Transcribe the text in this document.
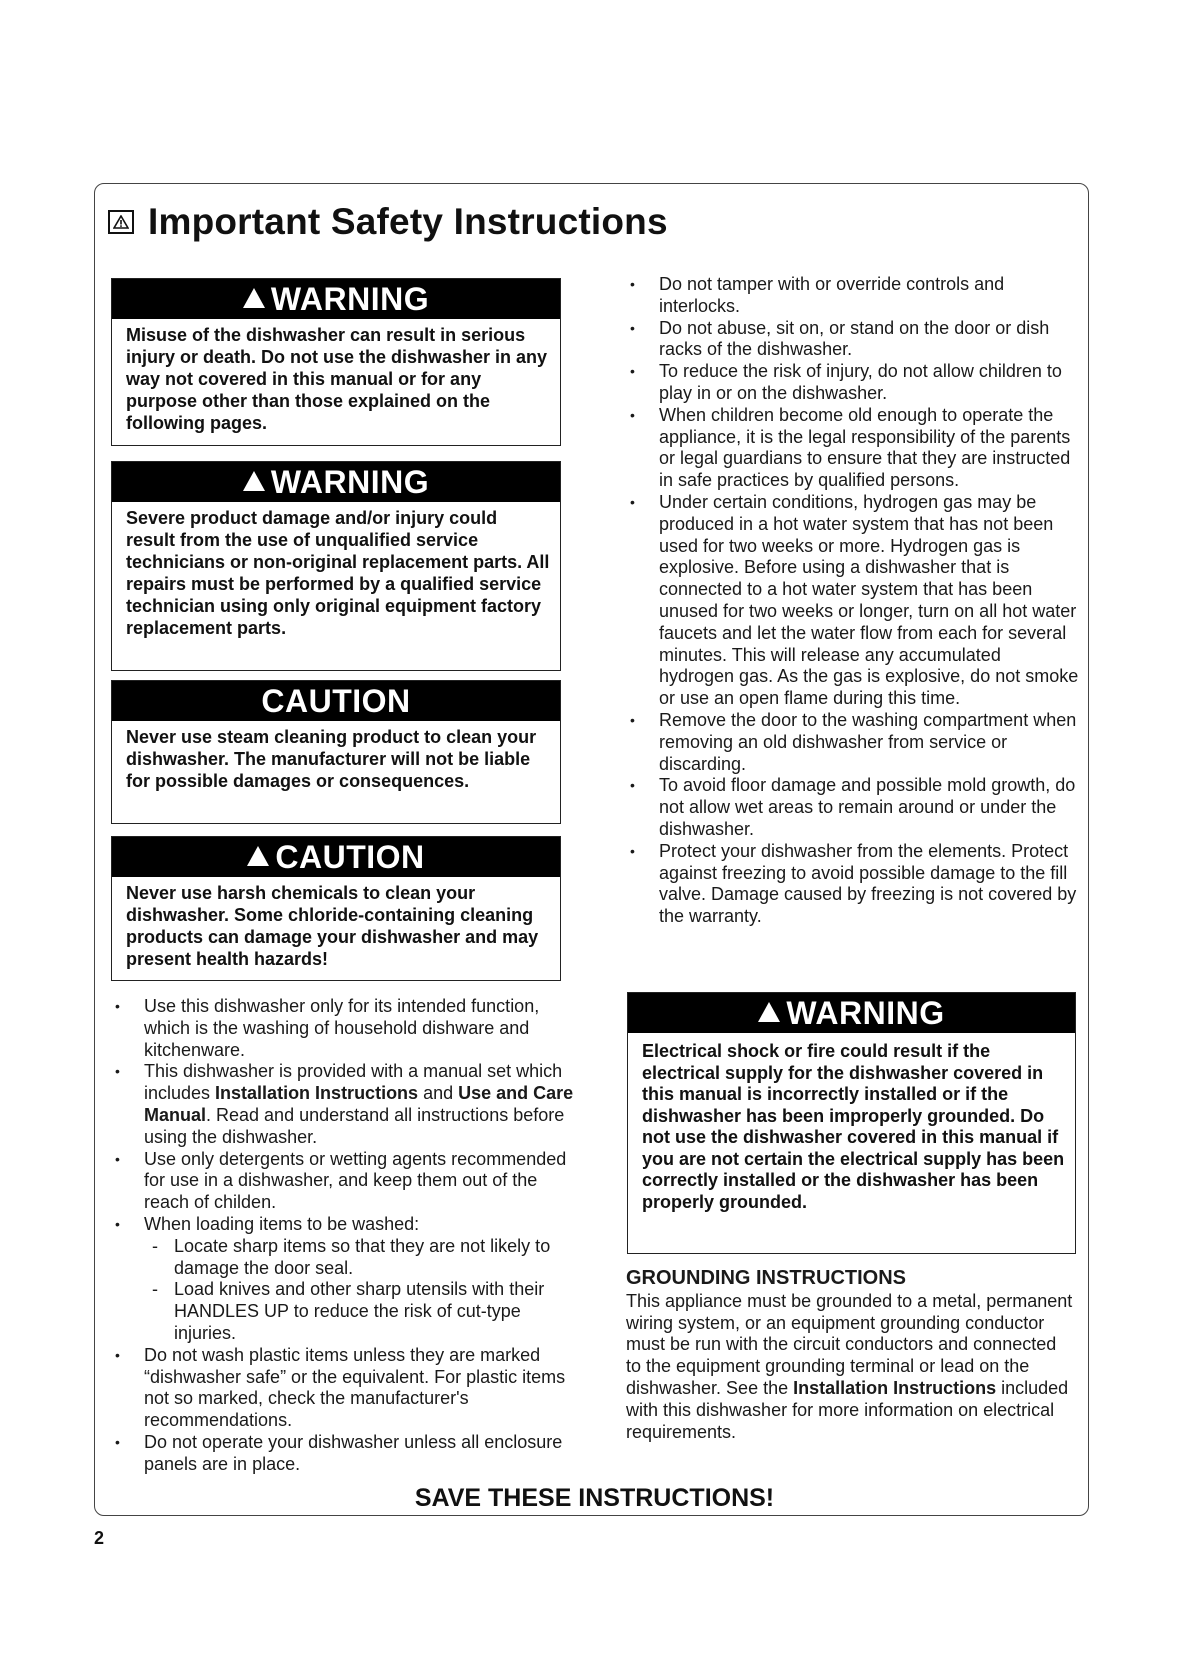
Important Safety Instructions
WARNING
Misuse of the dishwasher can result in serious injury or death. Do not use the dishwasher in any way not covered in this manual or for any purpose other than those explained on the following pages.
WARNING
Severe product damage and/or injury could result from the use of unqualified service technicians or non-original replacement parts. All repairs must be performed by a qualified service technician using only original equipment factory replacement parts.
CAUTION
Never use steam cleaning product to clean your dishwasher. The manufacturer will not be liable for possible damages or consequences.
CAUTION
Never use harsh chemicals to clean your dishwasher. Some chloride-containing cleaning products can damage your dishwasher and may present health hazards!
• Use this dishwasher only for its intended function, which is the washing of household dishware and kitchenware.
• This dishwasher is provided with a manual set which includes Installation Instructions and Use and Care Manual. Read and understand all instructions before using the dishwasher.
• Use only detergents or wetting agents recommended for use in a dishwasher, and keep them out of the reach of childen.
• When loading items to be washed:
- Locate sharp items so that they are not likely to damage the door seal.
- Load knives and other sharp utensils with their HANDLES UP to reduce the risk of cut-type injuries.
• Do not wash plastic items unless they are marked “dishwasher safe” or the equivalent. For plastic items not so marked, check the manufacturer's recommendations.
• Do not operate your dishwasher unless all enclosure panels are in place.
• Do not tamper with or override controls and interlocks.
• Do not abuse, sit on, or stand on the door or dish racks of the dishwasher.
• To reduce the risk of injury, do not allow children to play in or on the dishwasher.
• When children become old enough to operate the appliance, it is the legal responsibility of the parents or legal guardians to ensure that they are instructed in safe practices by qualified persons.
• Under certain conditions, hydrogen gas may be produced in a hot water system that has not been used for two weeks or more. Hydrogen gas is explosive. Before using a dishwasher that is connected to a hot water system that has been unused for two weeks or longer, turn on all hot water faucets and let the water flow from each for several minutes. This will release any accumulated hydrogen gas. As the gas is explosive, do not smoke or use an open flame during this time.
• Remove the door to the washing compartment when removing an old dishwasher from service or discarding.
• To avoid floor damage and possible mold growth, do not allow wet areas to remain around or under the dishwasher.
• Protect your dishwasher from the elements. Protect against freezing to avoid possible damage to the fill valve. Damage caused by freezing is not covered by the warranty.
WARNING
Electrical shock or fire could result if the electrical supply for the dishwasher covered in this manual is incorrectly installed or if the dishwasher has been improperly grounded. Do not use the dishwasher covered in this manual if you are not certain the electrical supply has been correctly installed or the dishwasher has been properly grounded.
GROUNDING INSTRUCTIONS
This appliance must be grounded to a metal, permanent wiring system, or an equipment grounding conductor must be run with the circuit conductors and connected to the equipment grounding terminal or lead on the dishwasher. See the Installation Instructions included with this dishwasher for more information on electrical requirements.
SAVE THESE INSTRUCTIONS!
2
